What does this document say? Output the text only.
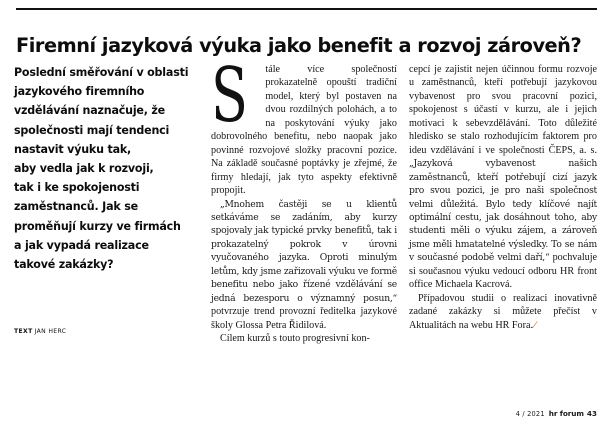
Firemní jazyková výuka jako benefit a rozvoj zároveň?
Poslední směřování v oblasti
jazykového firemního
vzdělávání naznačuje, že
společnosti mají tendenci
nastavit výuku tak,
aby vedla jak k rozvoji,
tak i ke spokojenosti
zaměstnanců. Jak se
proměňují kurzy ve firmách
a jak vypadá realizace
takové zakázky?
TEXT JAN HERC

S tále více společností prokazatelně opouští tradiční model, který byl postaven na dvou rozdílných polohách, a to na poskytování výuky jako dobrovolného benefitu, nebo naopak jako povinné rozvojové složky pracovní pozice. Na základě současné poptávky je zřejmé, že firmy hledají, jak tyto aspekty efektivně propojit.

„Mnohem častěji se u klientů setkáváme se zadáním, aby kurzy spojovaly jak typické prvky benefitů, tak i prokazatelný pokrok v úrovni vyučovaného jazyka. Oproti minulým letům, kdy jsme zařizovali výuku ve formě benefitu nebo jako řízené vzdělávání se jedná bezesporu o významný posun,“ potvrzuje trend provozní ředitelka jazykové školy Glossa Petra Řidilová.

Cílem kurzů s touto progresivní kon-

cepcí je zajistit nejen účinnou formu rozvoje u zaměstnanců, kteří potřebují jazykovou vybavenost pro svou pracovní pozici, spokojenost s účastí v kurzu, ale i jejich motivaci k sebevzdělávání. Toto důležité hledisko se stalo rozhodujícím faktorem pro ideu vzdělávání i ve společnosti ČEPS, a. s. „Jazyková vybavenost našich zaměstnanců, kteří potřebují cizí jazyk pro svou pozici, je pro naši společnost velmi důležitá. Bylo tedy klíčové najít optimální cestu, jak dosáhnout toho, aby studenti měli o výuku zájem, a zároveň jsme měli hmatatelné výsledky. To se nám v současné podobě velmi daří,“ pochvaluje si současnou výuku vedoucí odboru HR front office Michaela Kacrová.

Případovou studii o realizaci inovativně zadané zakázky si můžete přečíst v Aktualitách na webu HR Fora.∕

4 / 2021 hr forum 43
